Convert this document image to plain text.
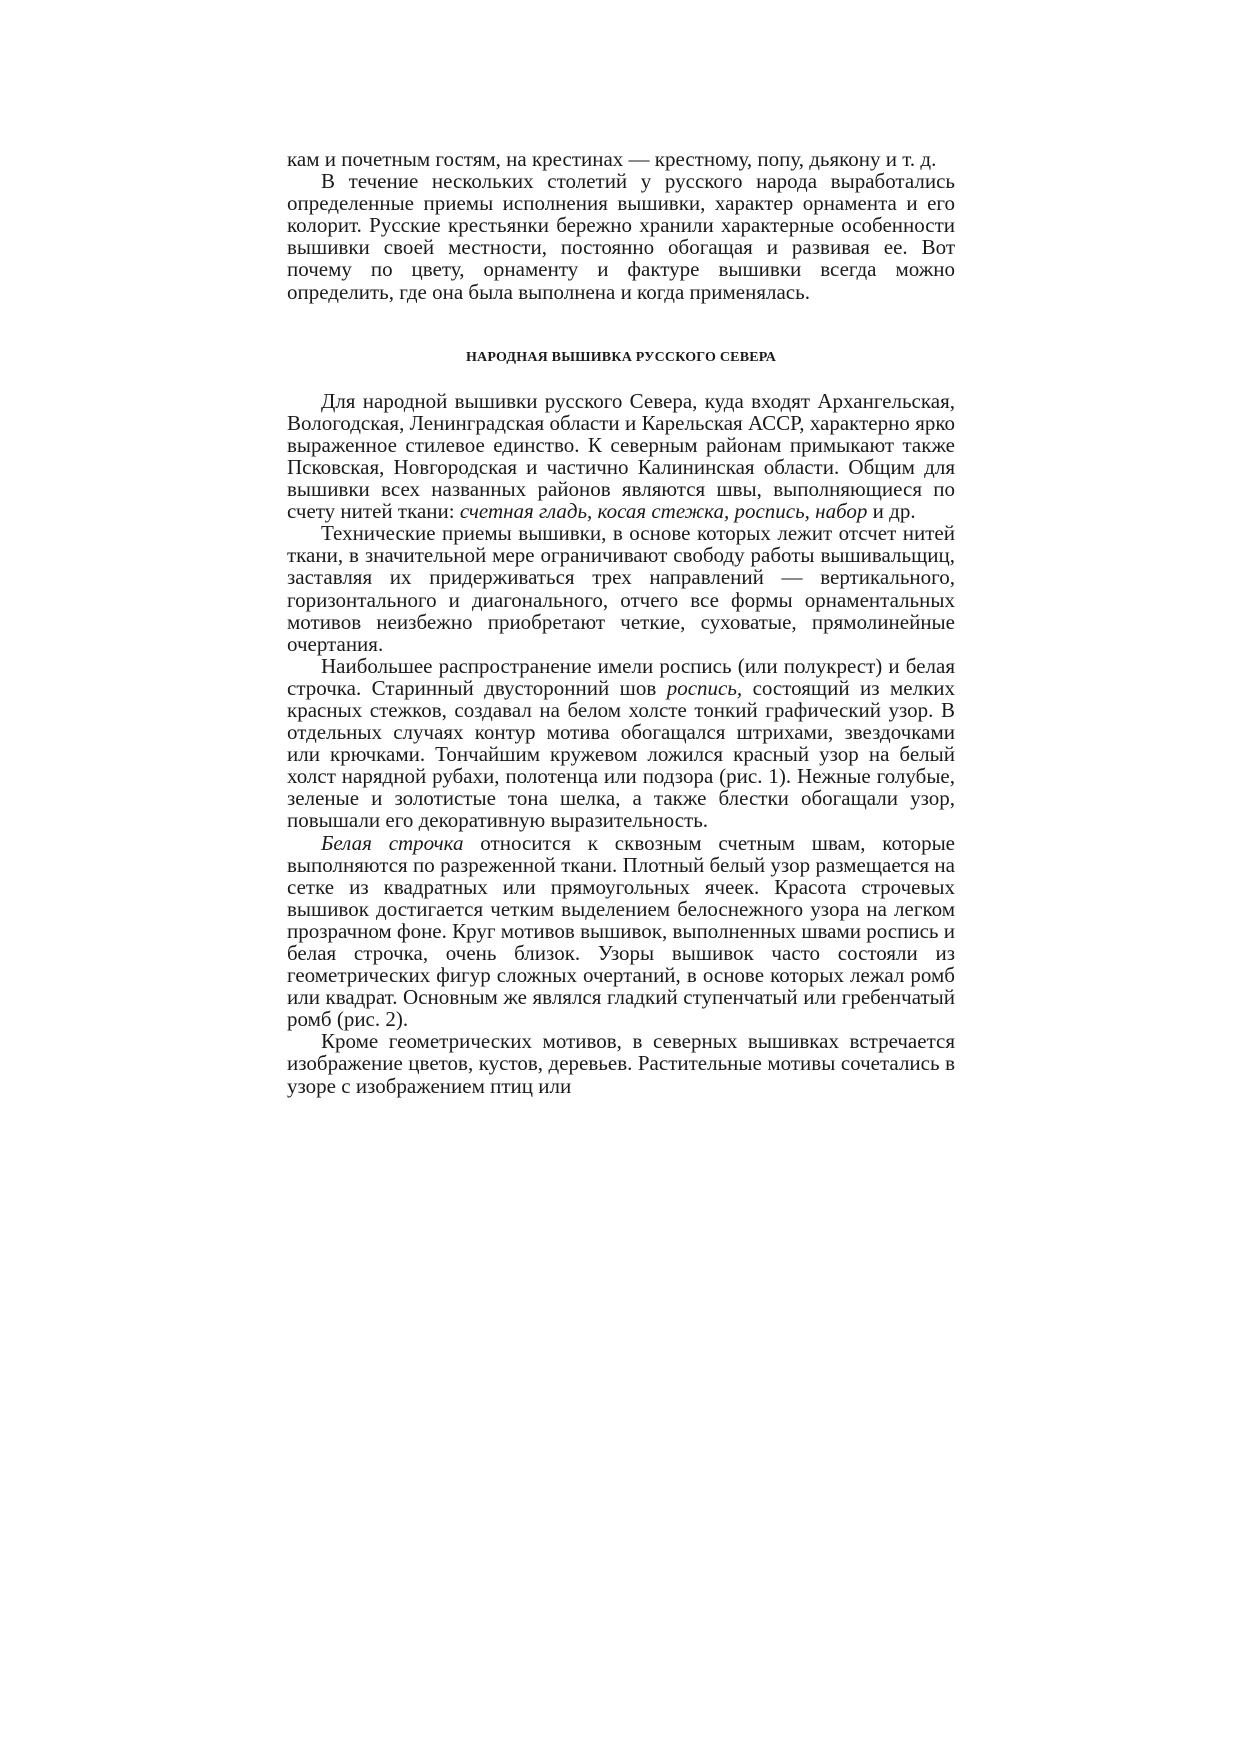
кам и почетным гостям, на крестинах — крестному, попу, дьякону и т. д.

В течение нескольких столетий у русского народа выработались определенные приемы исполнения вышивки, характер орнамента и его колорит. Русские крестьянки бережно хранили характерные особенности вышивки своей местности, постоянно обогащая и развивая ее. Вот почему по цвету, орнаменту и фактуре вышивки всегда можно определить, где она была выполнена и когда применялась.

НАРОДНАЯ ВЫШИВКА РУССКОГО СЕВЕРА

Для народной вышивки русского Севера, куда входят Архангельская, Вологодская, Ленинградская области и Карельская АССР, характерно ярко выраженное стилевое единство. К северным районам примыкают также Псковская, Новгородская и частично Калининская области. Общим для вышивки всех названных районов являются швы, выполняющиеся по счету нитей ткани: счетная гладь, косая стежка, роспись, набор и др.

Технические приемы вышивки, в основе которых лежит отсчет нитей ткани, в значительной мере ограничивают свободу работы вышивальщиц, заставляя их придерживаться трех направлений — вертикального, горизонтального и диагонального, отчего все формы орнаментальных мотивов неизбежно приобретают четкие, суховатые, прямолинейные очертания.

Наибольшее распространение имели роспись (или полукрест) и белая строчка. Старинный двусторонний шов роспись, состоящий из мелких красных стежков, создавал на белом холсте тонкий графический узор. В отдельных случаях контур мотива обогащался штрихами, звездочками или крючками. Тончайшим кружевом ложился красный узор на белый холст нарядной рубахи, полотенца или подзора (рис. 1). Нежные голубые, зеленые и золотистые тона шелка, а также блестки обогащали узор, повышали его декоративную выразительность.

Белая строчка относится к сквозным счетным швам, которые выполняются по разреженной ткани. Плотный белый узор размещается на сетке из квадратных или прямоугольных ячеек. Красота строчевых вышивок достигается четким выделением белоснежного узора на легком прозрачном фоне. Круг мотивов вышивок, выполненных швами роспись и белая строчка, очень близок. Узоры вышивок часто состояли из геометрических фигур сложных очертаний, в основе которых лежал ромб или квадрат. Основным же являлся гладкий ступенчатый или гребенчатый ромб (рис. 2).

Кроме геометрических мотивов, в северных вышивках встречается изображение цветов, кустов, деревьев. Растительные мотивы сочетались в узоре с изображением птиц или
